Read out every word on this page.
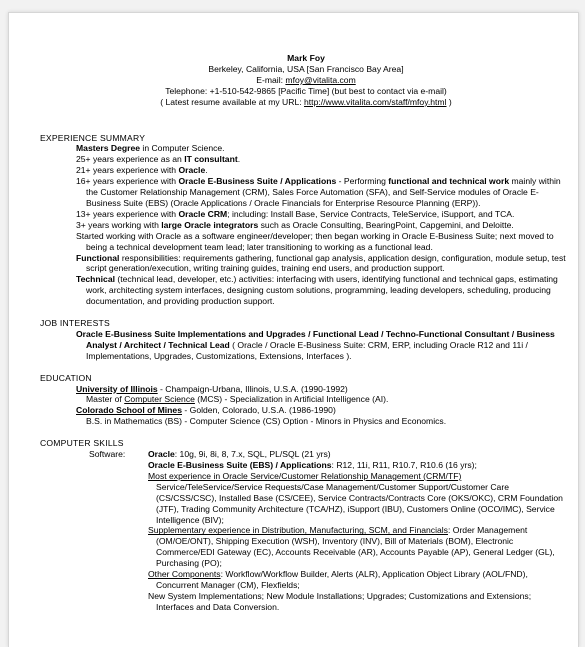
Mark Foy
Berkeley, California, USA [San Francisco Bay Area]
E-mail: mfoy@vitalita.com
Telephone: +1-510-542-9865 [Pacific Time] (but best to contact via e-mail)
( Latest resume available at my URL: http://www.vitalita.com/staff/mfoy.html )
EXPERIENCE SUMMARY
Masters Degree in Computer Science.
25+ years experience as an IT consultant.
21+ years experience with Oracle.
16+ years experience with Oracle E-Business Suite / Applications - Performing functional and technical work mainly within the Customer Relationship Management (CRM), Sales Force Automation (SFA), and Self-Service modules of Oracle E-Business Suite (EBS) (Oracle Applications / Oracle Financials for Enterprise Resource Planning (ERP)).
13+ years experience with Oracle CRM; including: Install Base, Service Contracts, TeleService, iSupport, and TCA.
3+ years working with large Oracle integrators such as Oracle Consulting, BearingPoint, Capgemini, and Deloitte.
Started working with Oracle as a software engineer/developer; then began working in Oracle E-Business Suite; next moved to being a technical development team lead; later transitioning to working as a functional lead.
Functional responsibilities: requirements gathering, functional gap analysis, application design, configuration, module setup, test script generation/execution, writing training guides, training end users, and production support.
Technical (technical lead, developer, etc.) activities: interfacing with users, identifying functional and technical gaps, estimating work, architecting system interfaces, designing custom solutions, programming, leading developers, scheduling, producing documentation, and providing production support.
JOB INTERESTS
Oracle E-Business Suite Implementations and Upgrades / Functional Lead / Techno-Functional Consultant / Business Analyst / Architect / Technical Lead ( Oracle / Oracle E-Business Suite: CRM, ERP, including Oracle R12 and 11i / Implementations, Upgrades, Customizations, Extensions, Interfaces ).
EDUCATION
University of Illinois - Champaign-Urbana, Illinois, U.S.A. (1990-1992)
Master of Computer Science (MCS) - Specialization in Artificial Intelligence (AI).
Colorado School of Mines - Golden, Colorado, U.S.A. (1986-1990)
B.S. in Mathematics (BS) - Computer Science (CS) Option - Minors in Physics and Economics.
COMPUTER SKILLS
Software:	Oracle: 10g, 9i, 8i, 8, 7.x, SQL, PL/SQL (21 yrs)
Oracle E-Business Suite (EBS) / Applications: R12, 11i, R11, R10.7, R10.6 (16 yrs);
Most experience in Oracle Service/Customer Relationship Management (CRM/TF)
Service/TeleService/Service Requests/Case Management/Customer Support/Customer Care (CS/CSS/CSC), Installed Base (CS/CEE), Service Contracts/Contracts Core (OKS/OKC), CRM Foundation (JTF), Trading Community Architecture (TCA/HZ), iSupport (IBU), Customers Online (OCO/IMC), Service Intelligence (BIV);
Supplementary experience in Distribution, Manufacturing, SCM, and Financials: Order Management (OM/OE/ONT), Shipping Execution (WSH), Inventory (INV), Bill of Materials (BOM), Electronic Commerce/EDI Gateway (EC), Accounts Receivable (AR), Accounts Payable (AP), General Ledger (GL), Purchasing (PO);
Other Components: Workflow/Workflow Builder, Alerts (ALR), Application Object Library (AOL/FND), Concurrent Manager (CM), Flexfields;
New System Implementations; New Module Installations; Upgrades; Customizations and Extensions; Interfaces and Data Conversion.
